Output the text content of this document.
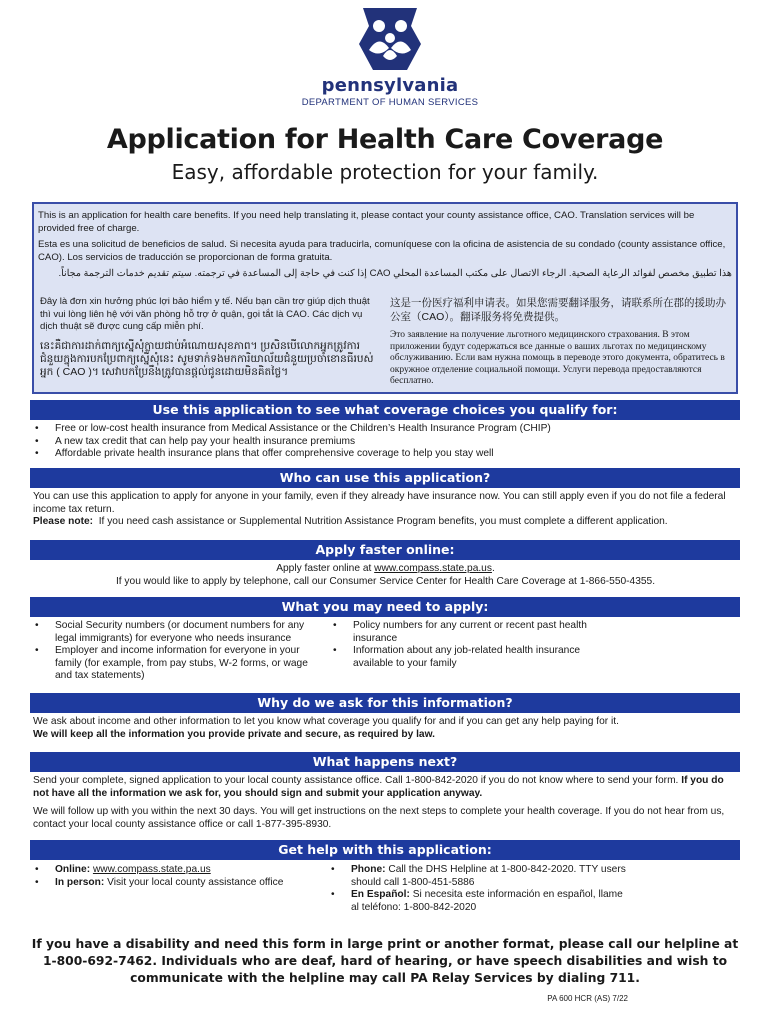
pennsylvania
DEPARTMENT OF HUMAN SERVICES
Application for Health Care Coverage
Easy, affordable protection for your family.

This is an application for health care benefits. If you need help translating it, please contact your county assistance office, CAO. Translation services will be provided free of charge.

Esta es una solicitud de beneficios de salud. Si necesita ayuda para traducirla, comuníquese con la oficina de asistencia de su condado (county assistance office, CAO). Los servicios de traducción se proporcionan de forma gratuita.

هذا تطبيق مخصص لفوائد الرعاية الصحية. الرجاء الاتصال على مكتب المساعدة المحلي CAO إذا كنت في حاجة إلى المساعدة في ترجمته. سيتم تقديم خدمات الترجمة مجاناً.

Đây là đơn xin hưởng phúc lợi bảo hiểm y tế. Nếu bạn cần trợ giúp dịch thuật thì vui lòng liên hệ với văn phòng hỗ trợ ở quận, gọi tắt là CAO. Các dịch vụ dịch thuật sẽ được cung cấp miễn phí.

នេះគឺជាការដាក់ពាក្យស្នើសុំក្លាយជាប់អំណោយសុខភាព។ ប្រសិនបើលោកអ្នកត្រូវការជំនួយក្នុងការបកប្រែពាក្យស្នើសុំនេះ សូមទាក់ទងមកការិយាល័យជំនួយប្រចាំខោនធីរបស់អ្នក ( CAO )។ សេវាបកប្រែនឹងត្រូវបានផ្តល់ជូនដោយមិនគិតថ្លៃ។

这是一份医疗福利申请表。如果您需要翻译服务，请联系所在郡的援助办公室（CAO）。翻译服务将免费提供。

Это заявление на получение льготного медицинского страхования. В этом приложении будут содержаться все данные о ваших льготах по медицинскому обслуживанию. Если вам нужна помощь в переводе этого документа, обратитесь в окружное отделение социальной помощи. Услуги перевода предоставляются бесплатно.

Use this application to see what coverage choices you qualify for:
• Free or low-cost health insurance from Medical Assistance or the Children’s Health Insurance Program (CHIP)
• A new tax credit that can help pay your health insurance premiums
• Affordable private health insurance plans that offer comprehensive coverage to help you stay well
Who can use this application?
You can use this application to apply for anyone in your family, even if they already have insurance now. You can still apply even if you do not file a federal income tax return.
Please note: If you need cash assistance or Supplemental Nutrition Assistance Program benefits, you must complete a different application.
Apply faster online:
Apply faster online at www.compass.state.pa.us.
If you would like to apply by telephone, call our Consumer Service Center for Health Care Coverage at 1-866-550-4355.
What you may need to apply:
• Social Security numbers (or document numbers for any legal immigrants) for everyone who needs insurance
• Employer and income information for everyone in your family (for example, from pay stubs, W-2 forms, or wage and tax statements)
• Policy numbers for any current or recent past health insurance
• Information about any job-related health insurance available to your family
Why do we ask for this information?
We ask about income and other information to let you know what coverage you qualify for and if you can get any help paying for it.
We will keep all the information you provide private and secure, as required by law.
What happens next?
Send your complete, signed application to your local county assistance office. Call 1-800-842-2020 if you do not know where to send your form. If you do not have all the information we ask for, you should sign and submit your application anyway.
We will follow up with you within the next 30 days. You will get instructions on the next steps to complete your health coverage. If you do not hear from us, contact your local county assistance office or call 1-877-395-8930.
Get help with this application:
• Online: www.compass.state.pa.us
• In person: Visit your local county assistance office
• Phone: Call the DHS Helpline at 1-800-842-2020. TTY users should call 1-800-451-5886
• En Español: Si necesita este información en español, llame al teléfono: 1-800-842-2020
If you have a disability and need this form in large print or another format, please call our helpline at 1-800-692-7462. Individuals who are deaf, hard of hearing, or have speech disabilities and wish to communicate with the helpline may call PA Relay Services by dialing 711.
PA 600 HCR (AS) 7/22
